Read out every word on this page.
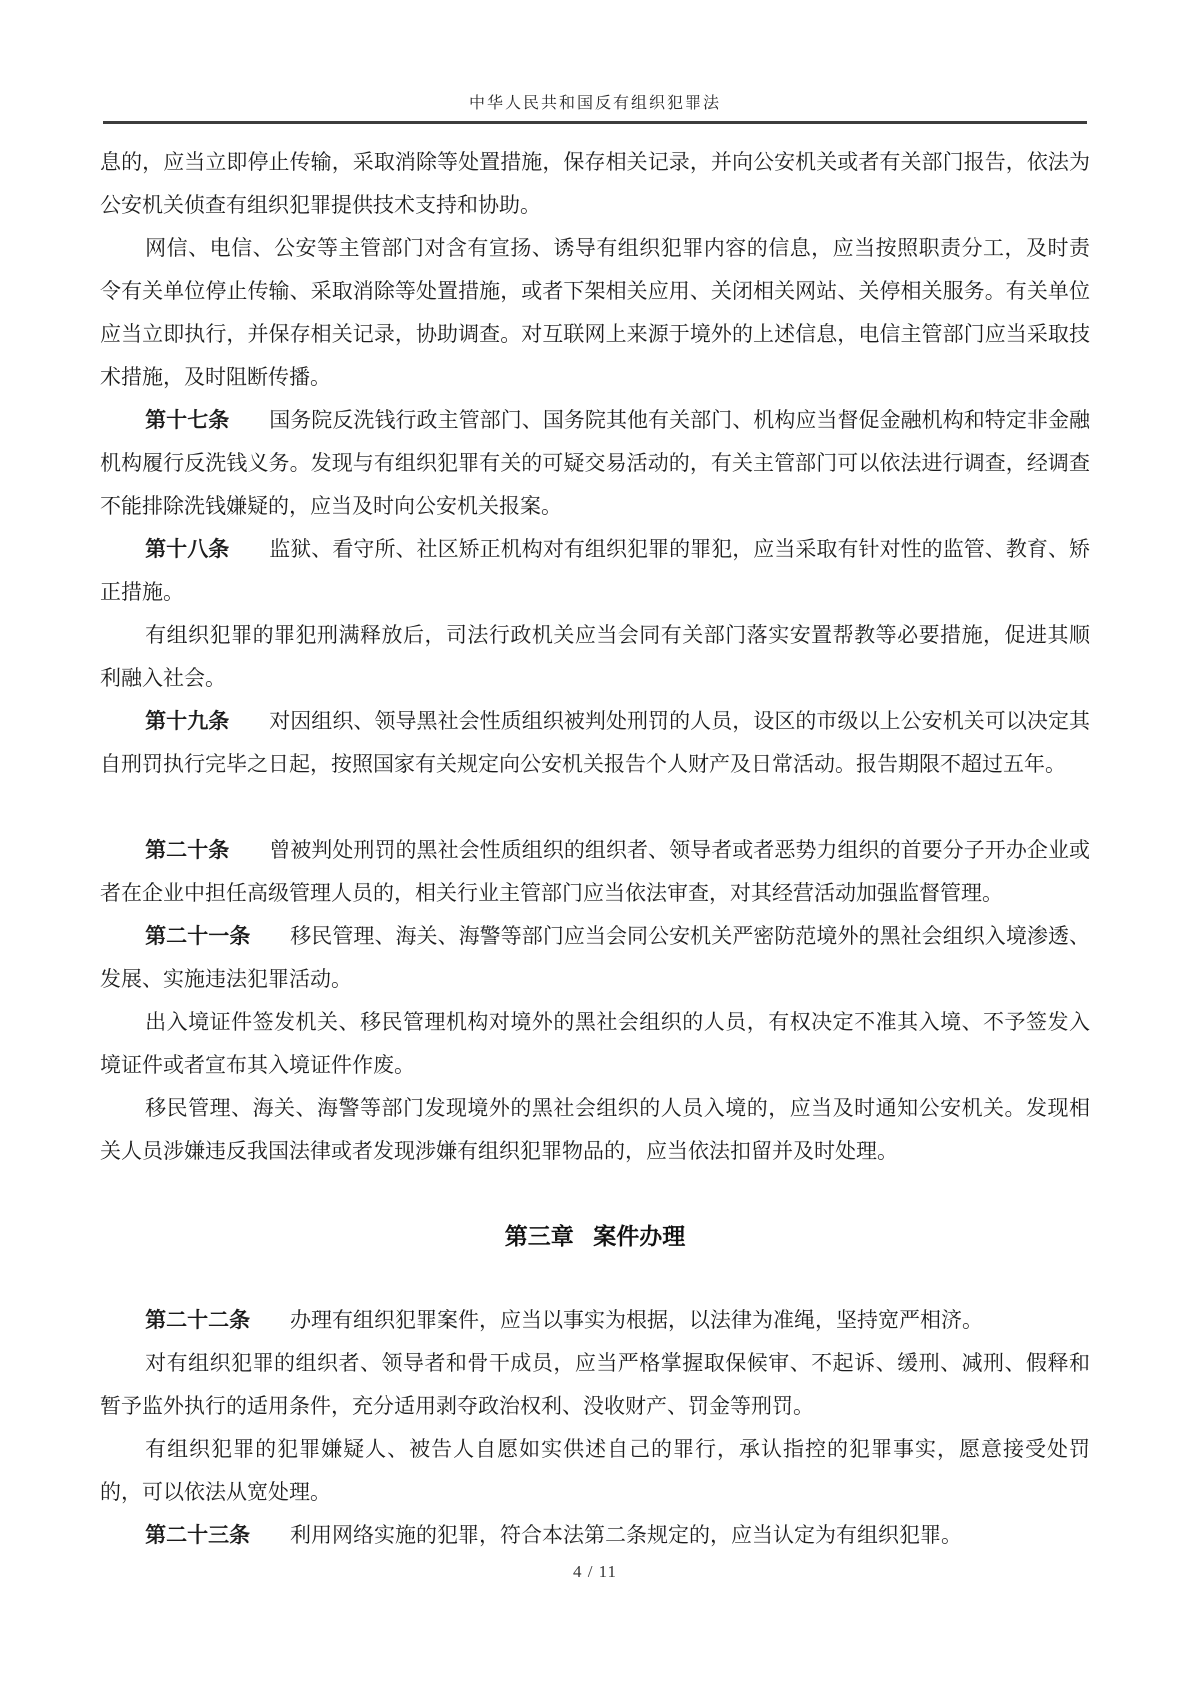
中华人民共和国反有组织犯罪法

息的，应当立即停止传输，采取消除等处置措施，保存相关记录，并向公安机关或者有关部门报告，依法为公安机关侦查有组织犯罪提供技术支持和协助。

网信、电信、公安等主管部门对含有宣扬、诱导有组织犯罪内容的信息，应当按照职责分工，及时责令有关单位停止传输、采取消除等处置措施，或者下架相关应用、关闭相关网站、关停相关服务。有关单位应当立即执行，并保存相关记录，协助调查。对互联网上来源于境外的上述信息，电信主管部门应当采取技术措施，及时阻断传播。

第十七条 国务院反洗钱行政主管部门、国务院其他有关部门、机构应当督促金融机构和特定非金融机构履行反洗钱义务。发现与有组织犯罪有关的可疑交易活动的，有关主管部门可以依法进行调查，经调查不能排除洗钱嫌疑的，应当及时向公安机关报案。

第十八条 监狱、看守所、社区矫正机构对有组织犯罪的罪犯，应当采取有针对性的监管、教育、矫正措施。

有组织犯罪的罪犯刑满释放后，司法行政机关应当会同有关部门落实安置帮教等必要措施，促进其顺利融入社会。

第十九条 对因组织、领导黑社会性质组织被判处刑罚的人员，设区的市级以上公安机关可以决定其自刑罚执行完毕之日起，按照国家有关规定向公安机关报告个人财产及日常活动。报告期限不超过五年。

第二十条 曾被判处刑罚的黑社会性质组织的组织者、领导者或者恶势力组织的首要分子开办企业或者在企业中担任高级管理人员的，相关行业主管部门应当依法审查，对其经营活动加强监督管理。

第二十一条 移民管理、海关、海警等部门应当会同公安机关严密防范境外的黑社会组织入境渗透、发展、实施违法犯罪活动。

出入境证件签发机关、移民管理机构对境外的黑社会组织的人员，有权决定不准其入境、不予签发入境证件或者宣布其入境证件作废。

移民管理、海关、海警等部门发现境外的黑社会组织的人员入境的，应当及时通知公安机关。发现相关人员涉嫌违反我国法律或者发现涉嫌有组织犯罪物品的，应当依法扣留并及时处理。

第三章 案件办理

第二十二条 办理有组织犯罪案件，应当以事实为根据，以法律为准绳，坚持宽严相济。

对有组织犯罪的组织者、领导者和骨干成员，应当严格掌握取保候审、不起诉、缓刑、减刑、假释和暂予监外执行的适用条件，充分适用剥夺政治权利、没收财产、罚金等刑罚。

有组织犯罪的犯罪嫌疑人、被告人自愿如实供述自己的罪行，承认指控的犯罪事实，愿意接受处罚的，可以依法从宽处理。

第二十三条 利用网络实施的犯罪，符合本法第二条规定的，应当认定为有组织犯罪。

4 / 11
